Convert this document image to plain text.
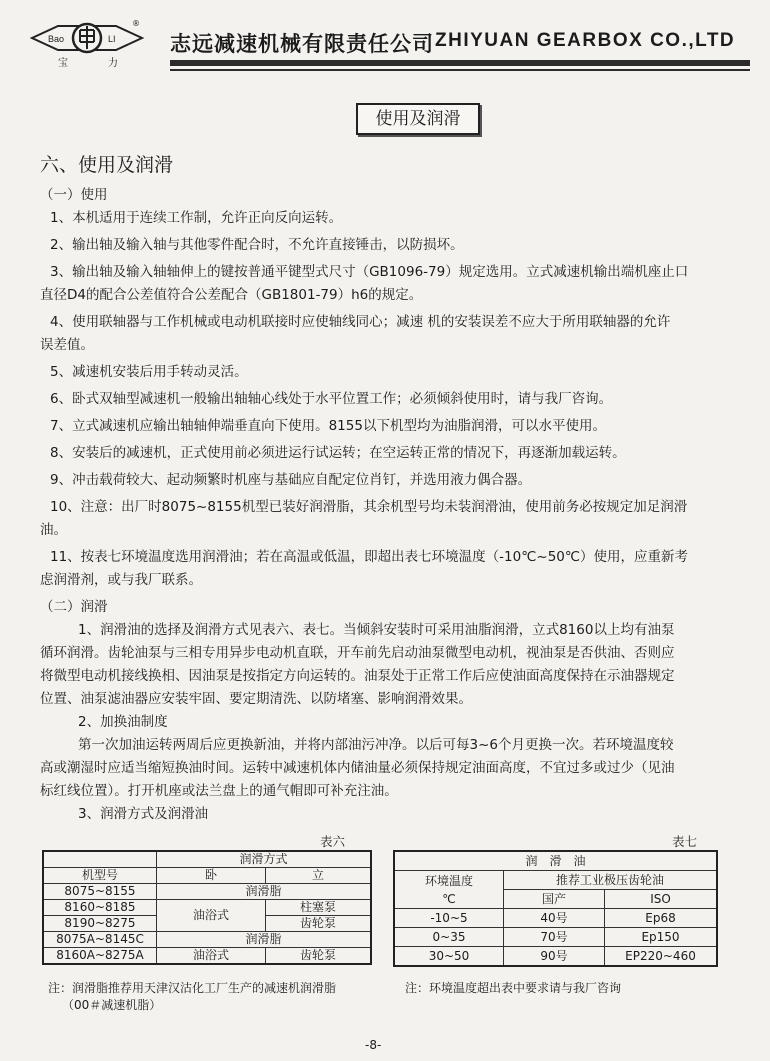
Bao	LI
宝	力
®
志远减速机械有限责任公司 ZHIYUAN GEARBOX CO.,LTD
使用及润滑

六、使用及润滑

（一）使用

1、本机适用于连续工作制，允许正向反向运转。

2、输出轴及输入轴与其他零件配合时，不允许直接锤击，以防损坏。

3、输出轴及输入轴轴伸上的键按普通平键型式尺寸（GB1096-79）规定选用。立式减速机输出端机座止口

直径D4的配合公差值符合公差配合（GB1801-79）h6的规定。

4、使用联轴器与工作机械或电动机联接时应使轴线同心；减速 机的安装误差不应大于所用联轴器的允许

误差值。

5、减速机安装后用手转动灵活。

6、卧式双轴型减速机一般输出轴轴心线处于水平位置工作；必须倾斜使用时，请与我厂咨询。

7、立式减速机应输出轴轴伸端垂直向下使用。8155以下机型均为油脂润滑，可以水平使用。

8、安装后的减速机，正式使用前必须进运行试运转；在空运转正常的情况下，再逐渐加载运转。

9、冲击载荷较大、起动频繁时机座与基础应自配定位肖钉，并选用液力偶合器。

10、注意：出厂时8075~8155机型已装好润滑脂，其余机型号均未装润滑油，使用前务必按规定加足润滑

油。

11、按表七环境温度选用润滑油；若在高温或低温，即超出表七环境温度（-10℃~50℃）使用，应重新考

虑润滑剂，或与我厂联系。

（二）润滑

1、润滑油的选择及润滑方式见表六、表七。当倾斜安装时可采用油脂润滑，立式8160以上均有油泵

循环润滑。齿轮油泵与三相专用异步电动机直联，开车前先启动油泵微型电动机，视油泵是否供油、否则应

将微型电动机接线换相、因油泵是按指定方向运转的。油泵处于正常工作后应使油面高度保持在示油器规定

位置、油泵滤油器应安装牢固、要定期清洗、以防堵塞、影响润滑效果。

2、加换油制度

第一次加油运转两周后应更换新油，并将内部油污冲净。以后可每3~6个月更换一次。若环境温度较

高或潮湿时应适当缩短换油时间。运转中减速机体内储油量必须保持规定油面高度，不宜过多或过少（见油

标红线位置）。打开机座或法兰盘上的通气帽即可补充注油。

3、润滑方式及润滑油

表六
	润滑方式	
机型号	卧	立
8075~8155	润滑脂	
8160~8185	油浴式	柱塞泵
8190~8275		齿轮泵
8075A~8145C	润滑脂	
8160A~8275A	油浴式	齿轮泵
注：润滑脂推荐用天津汉沽化工厂生产的减速机润滑脂
（00＃减速机脂）
表七
润　滑　油		

环境温度
℃	推荐工业极压齿轮油	
	国产	ISO
-10~5	40号	Ep68
0~35	70号	Ep150
30~50	90号	EP220~460
注：环境温度超出表中要求请与我厂咨询
-8-
